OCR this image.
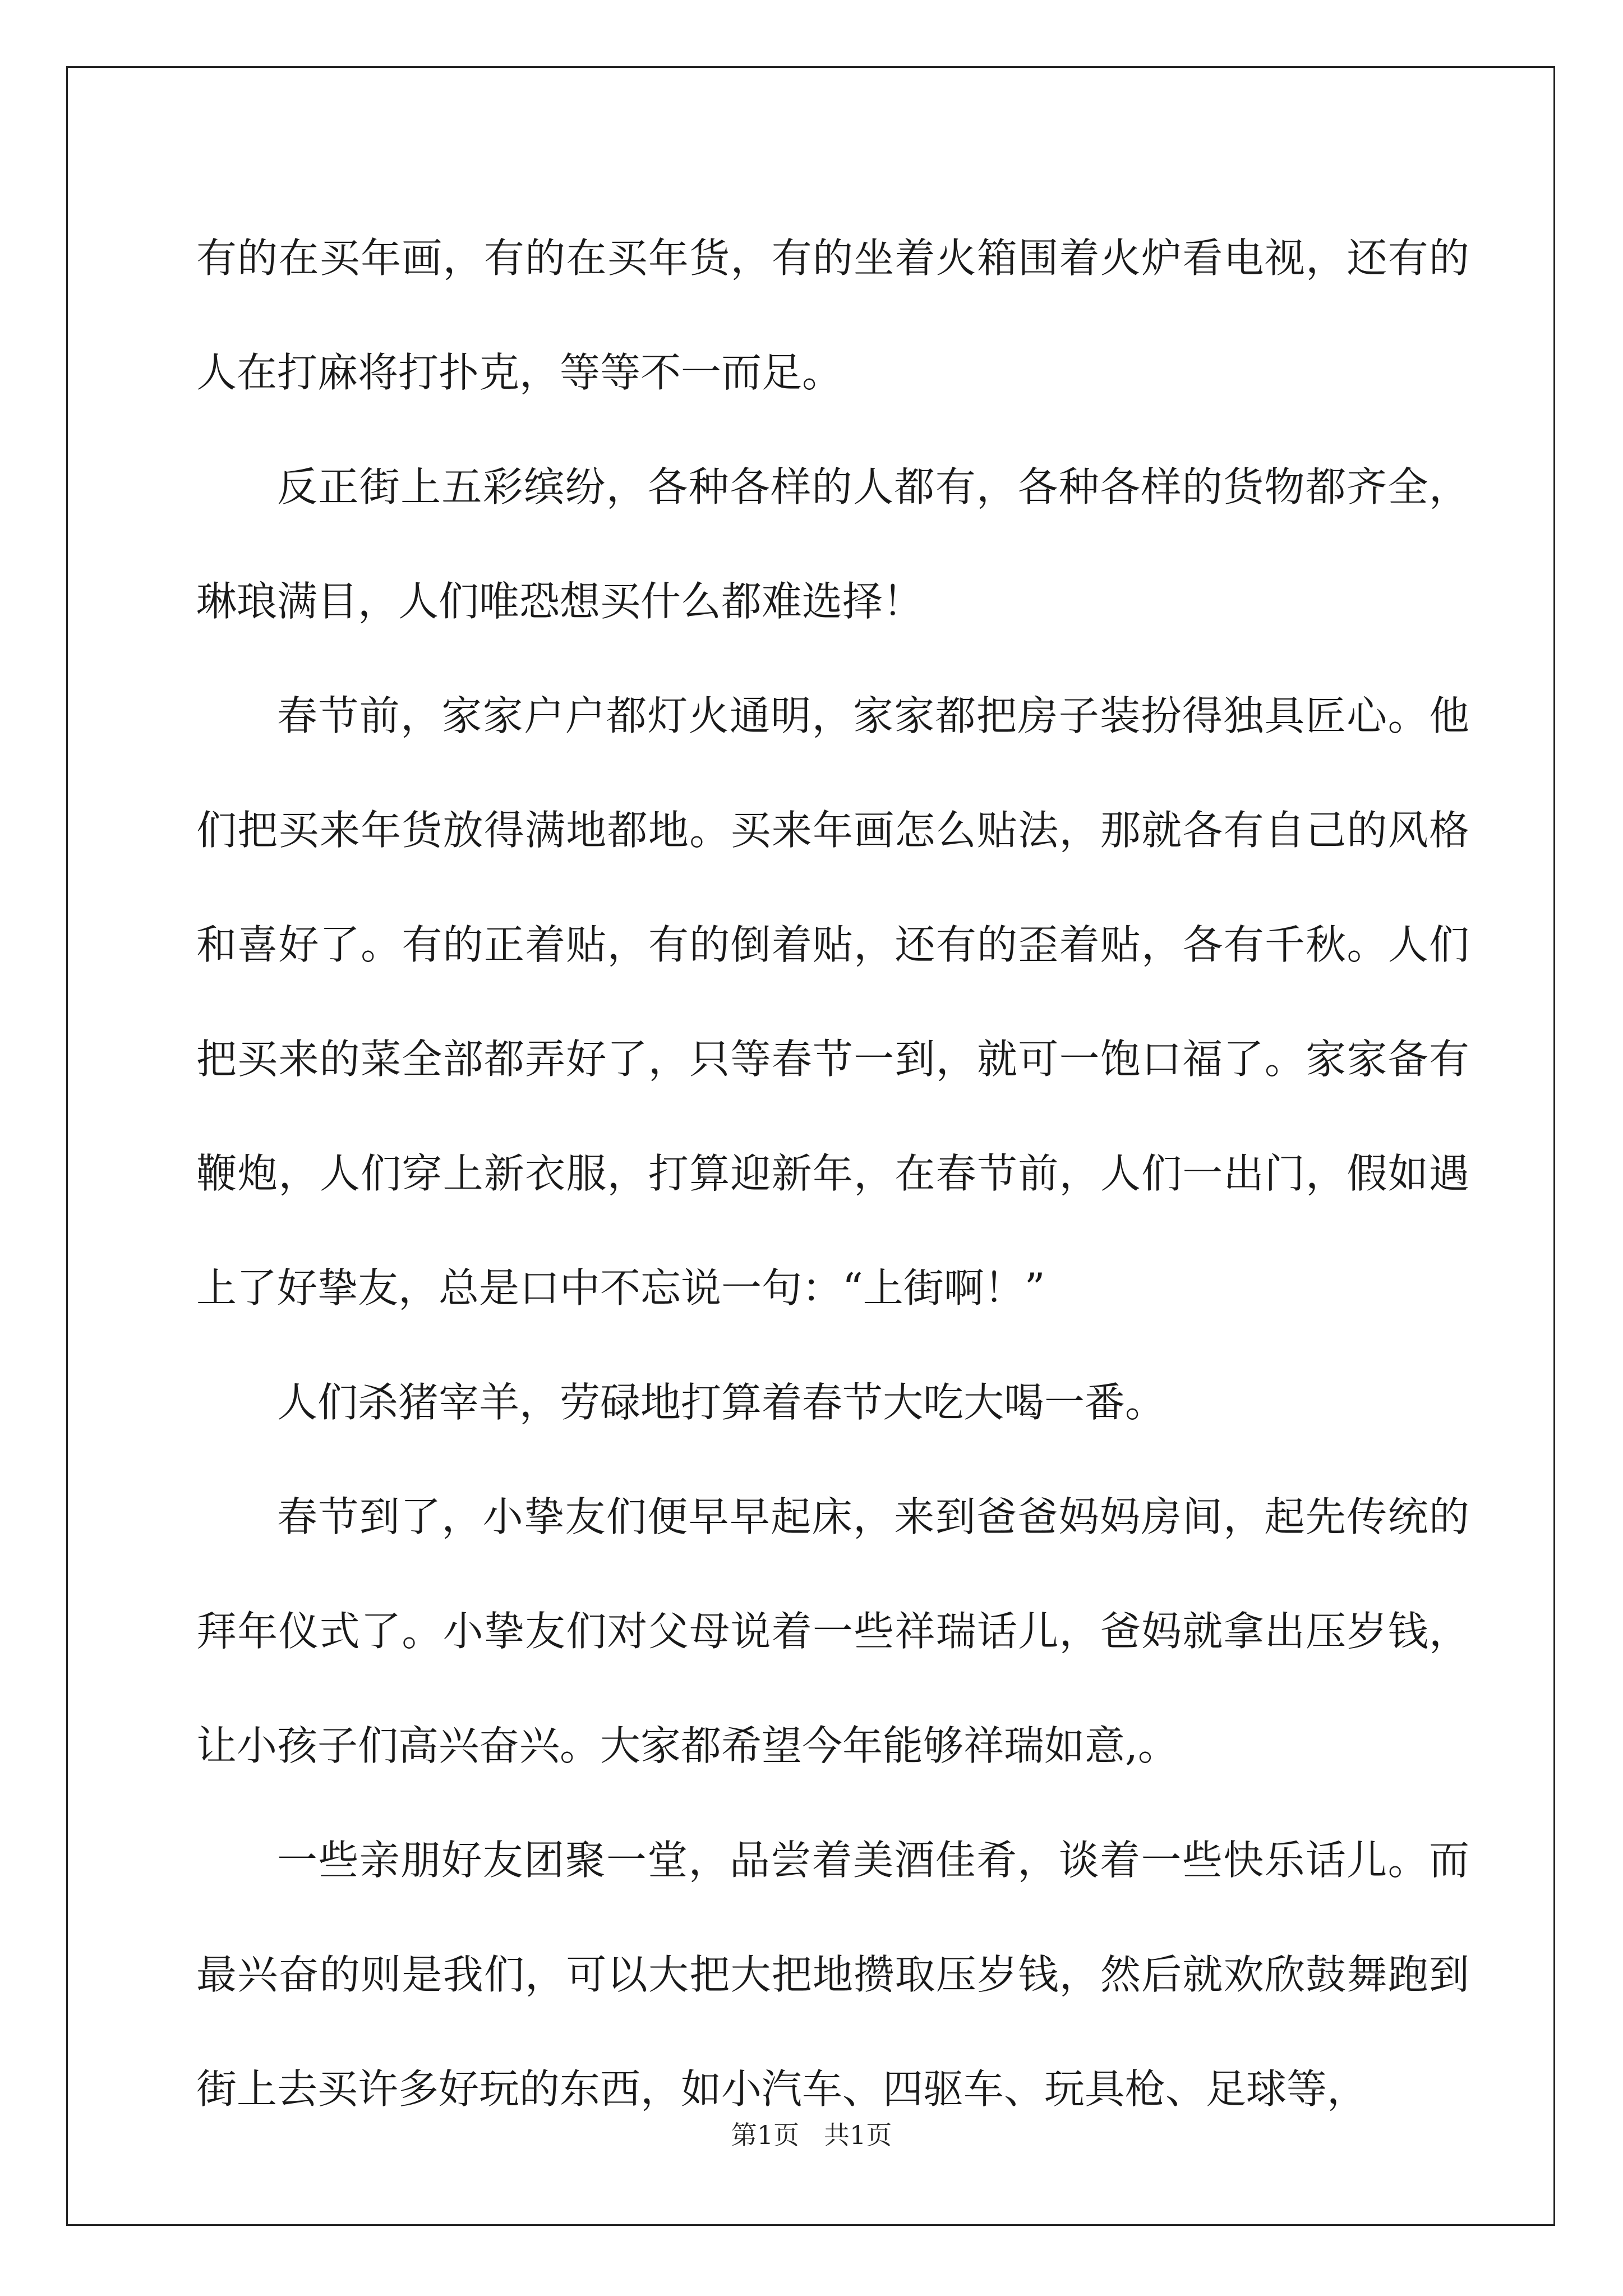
有的在买年画，有的在买年货，有的坐着火箱围着火炉看电视，还有的人在打麻将打扑克，等等不一而足。

反正街上五彩缤纷，各种各样的人都有，各种各样的货物都齐全，琳琅满目，人们唯恐想买什么都难选择！

春节前，家家户户都灯火通明，家家都把房子装扮得独具匠心。他们把买来年货放得满地都地。买来年画怎么贴法，那就各有自己的风格和喜好了。有的正着贴，有的倒着贴，还有的歪着贴，各有千秋。人们把买来的菜全部都弄好了，只等春节一到，就可一饱口福了。家家备有鞭炮，人们穿上新衣服，打算迎新年，在春节前，人们一出门，假如遇上了好挚友，总是口中不忘说一句：“上街啊！”

人们杀猪宰羊，劳碌地打算着春节大吃大喝一番。

春节到了，小挚友们便早早起床，来到爸爸妈妈房间，起先传统的拜年仪式了。小挚友们对父母说着一些祥瑞话儿，爸妈就拿出压岁钱，让小孩子们高兴奋兴。大家都希望今年能够祥瑞如意,。

一些亲朋好友团聚一堂，品尝着美酒佳肴，谈着一些快乐话儿。而最兴奋的则是我们，可以大把大把地攒取压岁钱，然后就欢欣鼓舞跑到街上去买许多好玩的东西，如小汽车、四驱车、玩具枪、足球等，

第1页 共1页
